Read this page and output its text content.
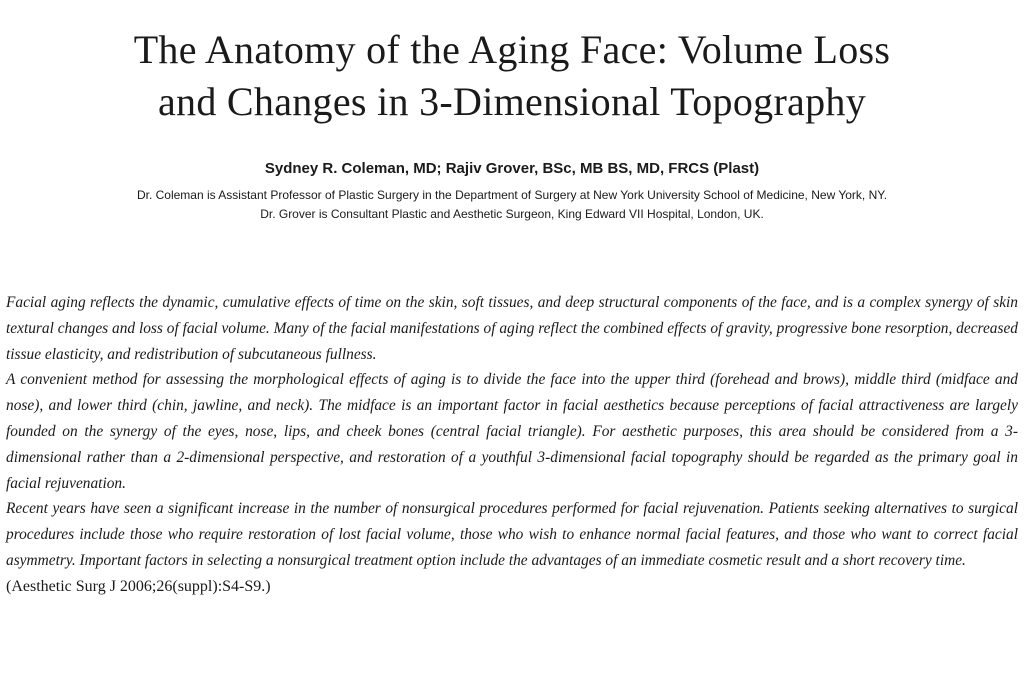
The Anatomy of the Aging Face: Volume Loss
and Changes in 3-Dimensional Topography
Sydney R. Coleman, MD; Rajiv Grover, BSc, MB BS, MD, FRCS (Plast)
Dr. Coleman is Assistant Professor of Plastic Surgery in the Department of Surgery at New York University School of Medicine, New York, NY.
Dr. Grover is Consultant Plastic and Aesthetic Surgeon, King Edward VII Hospital, London, UK.

Facial aging reflects the dynamic, cumulative effects of time on the skin, soft tissues, and deep structural components of the face, and is a complex synergy of skin textural changes and loss of facial volume. Many of the facial manifestations of aging reflect the combined effects of gravity, progressive bone resorption, decreased tissue elasticity, and redistribution of subcutaneous fullness.

A convenient method for assessing the morphological effects of aging is to divide the face into the upper third (forehead and brows), middle third (midface and nose), and lower third (chin, jawline, and neck). The midface is an important factor in facial aesthetics because perceptions of facial attractiveness are largely founded on the synergy of the eyes, nose, lips, and cheek bones (central facial triangle). For aesthetic purposes, this area should be considered from a 3-dimensional rather than a 2-dimensional perspective, and restoration of a youthful 3-dimensional facial topography should be regarded as the primary goal in facial rejuvenation.

Recent years have seen a significant increase in the number of nonsurgical procedures performed for facial rejuvenation. Patients seeking alternatives to surgical procedures include those who require restoration of lost facial volume, those who wish to enhance normal facial features, and those who want to correct facial asymmetry. Important factors in selecting a nonsurgical treatment option include the advantages of an immediate cosmetic result and a short recovery time.

(Aesthetic Surg J 2006;26(suppl):S4-S9.)
